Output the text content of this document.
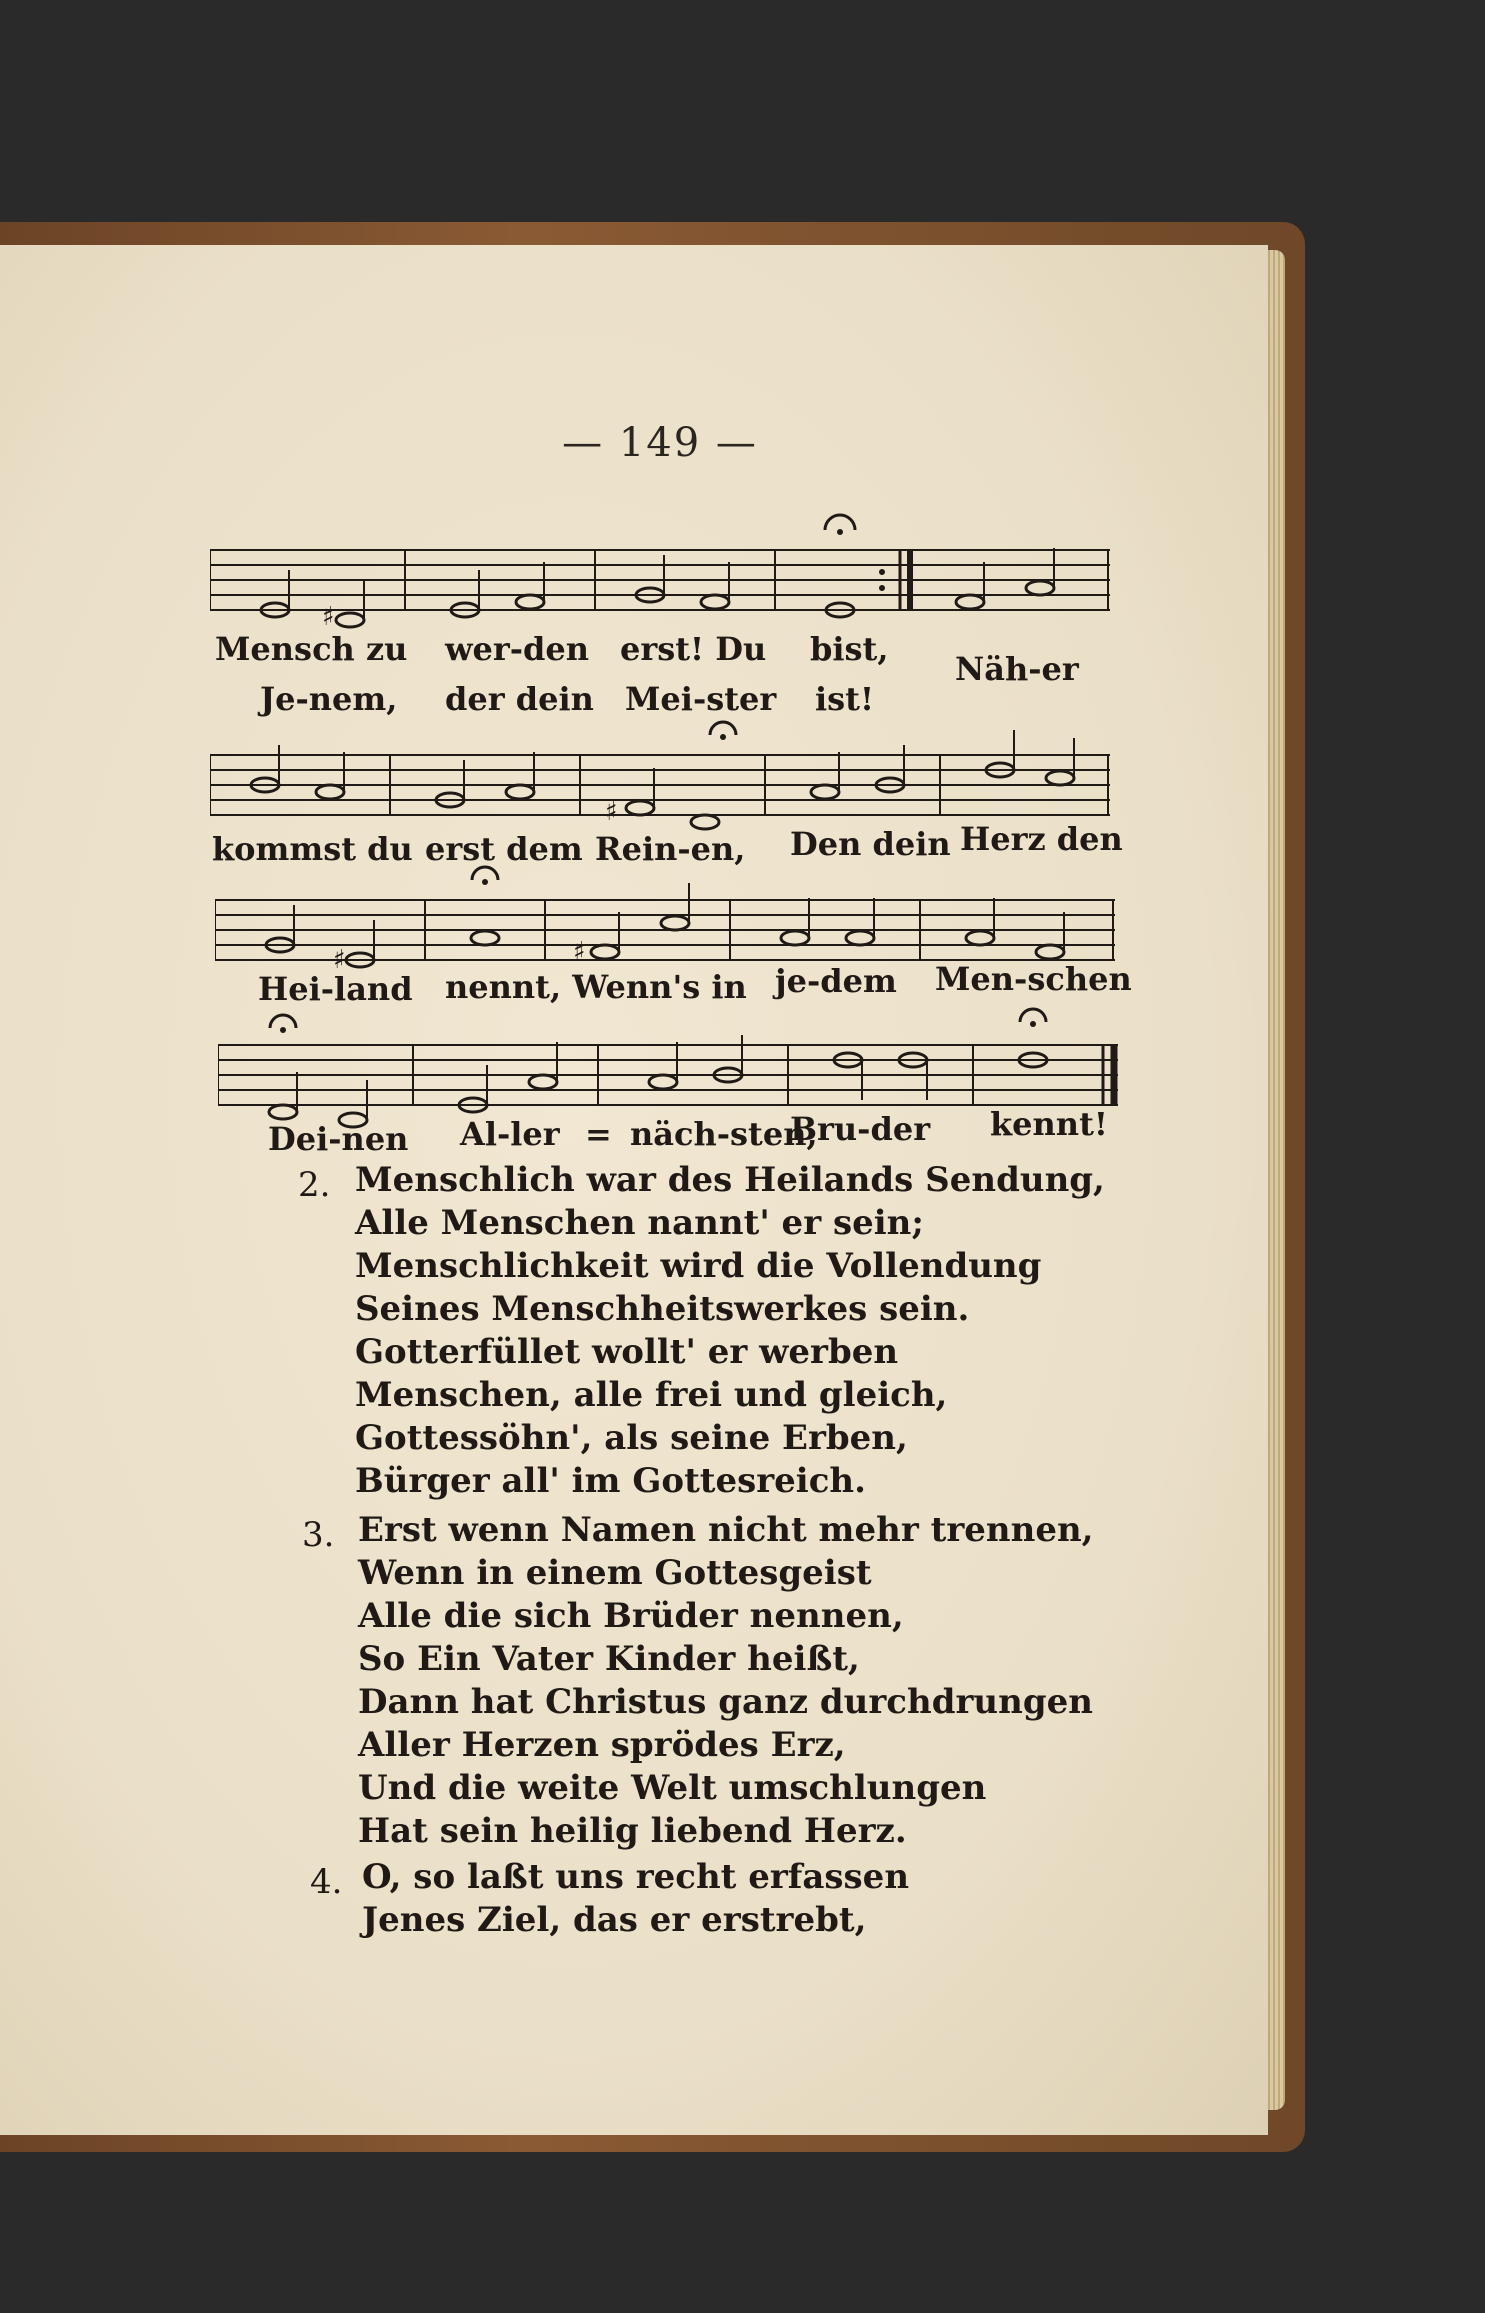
— 149 —
♯
Mensch zu wer-den erst! Du bist,
Näh-er
Je-nem, der dein Mei-ster ist!
♯
kommst du erst dem Rein-en, Den dein Herz den
♯	♯
Hei-land nennt, Wenn's in je-dem Men-schen
Dei-nen Al-ler = näch-sten,
Bru-der kennt!
2. Menschlich war des Heilands Sendung,
Alle Menschen nannt' er sein;
Menschlichkeit wird die Vollendung
Seines Menschheitswerkes sein.
Gotterfüllet wollt' er werben
Menschen, alle frei und gleich,
Gottessöhn', als seine Erben,
Bürger all' im Gottesreich.
3. Erst wenn Namen nicht mehr trennen,
Wenn in einem Gottesgeist
Alle die sich Brüder nennen,
So Ein Vater Kinder heißt,
Dann hat Christus ganz durchdrungen
Aller Herzen sprödes Erz,
Und die weite Welt umschlungen
Hat sein heilig liebend Herz.
4. O, so laßt uns recht erfassen
Jenes Ziel, das er erstrebt,
